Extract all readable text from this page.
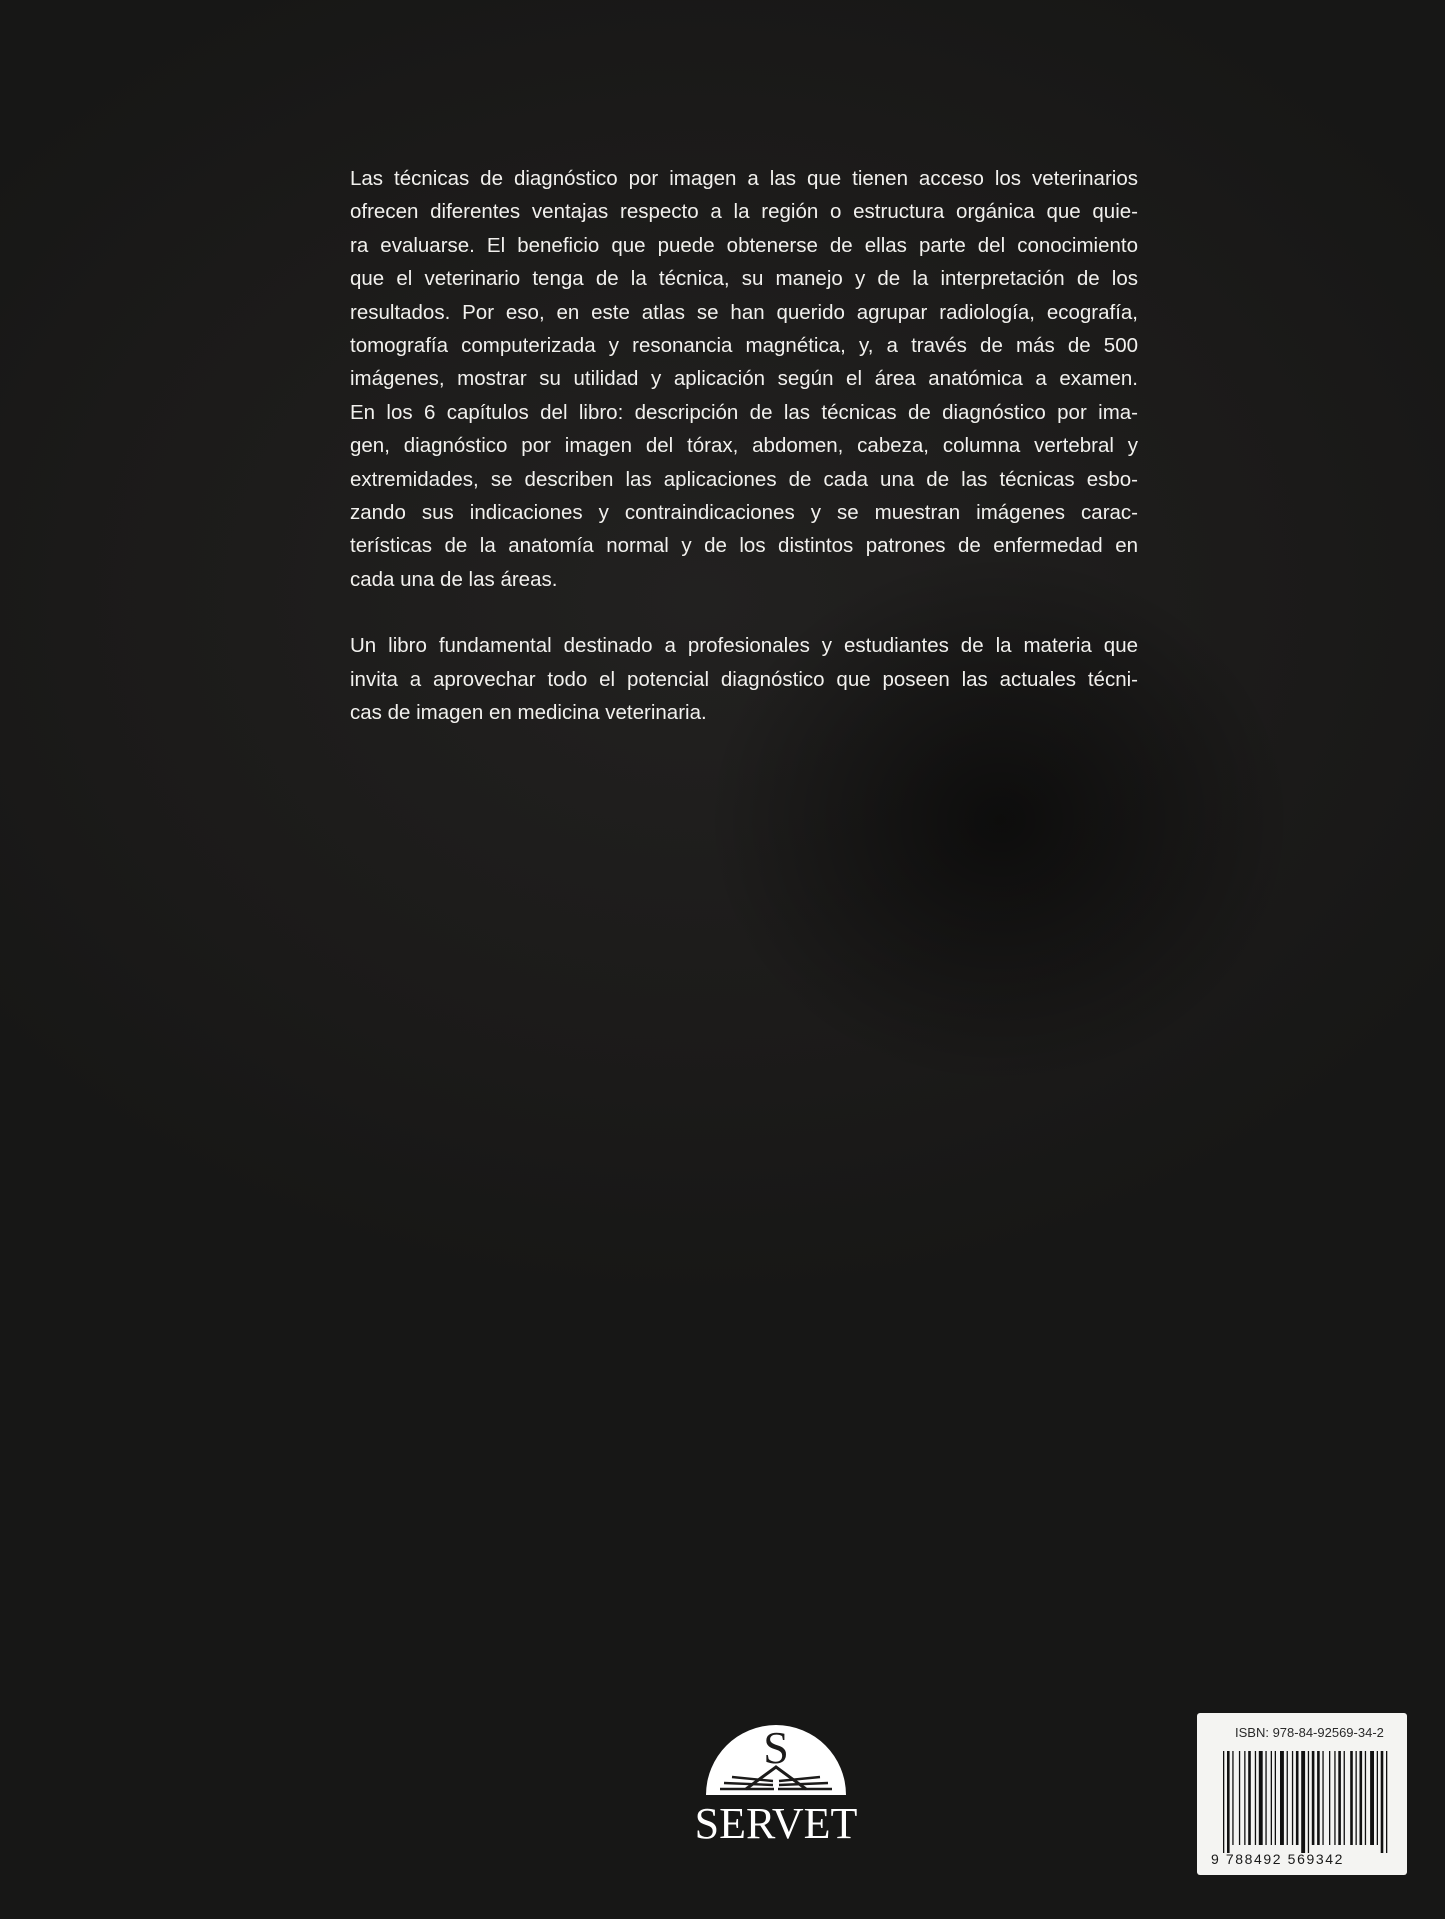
Las técnicas de diagnóstico por imagen a las que tienen acceso los veterinarios
ofrecen diferentes ventajas respecto a la región o estructura orgánica que quie-
ra evaluarse. El beneficio que puede obtenerse de ellas parte del conocimiento
que el veterinario tenga de la técnica, su manejo y de la interpretación de los
resultados. Por eso, en este atlas se han querido agrupar radiología, ecografía,
tomografía computerizada y resonancia magnética, y, a través de más de 500
imágenes, mostrar su utilidad y aplicación según el área anatómica a examen.
En los 6 capítulos del libro: descripción de las técnicas de diagnóstico por ima-
gen, diagnóstico por imagen del tórax, abdomen, cabeza, columna vertebral y
extremidades, se describen las aplicaciones de cada una de las técnicas esbo-
zando sus indicaciones y contraindicaciones y se muestran imágenes carac-
terísticas de la anatomía normal y de los distintos patrones de enfermedad en
cada una de las áreas.
Un libro fundamental destinado a profesionales y estudiantes de la materia que
invita a aprovechar todo el potencial diagnóstico que poseen las actuales técni-
cas de imagen en medicina veterinaria.
S
SERVET
ISBN: 978-84-92569-34-2
9 788492 569342
